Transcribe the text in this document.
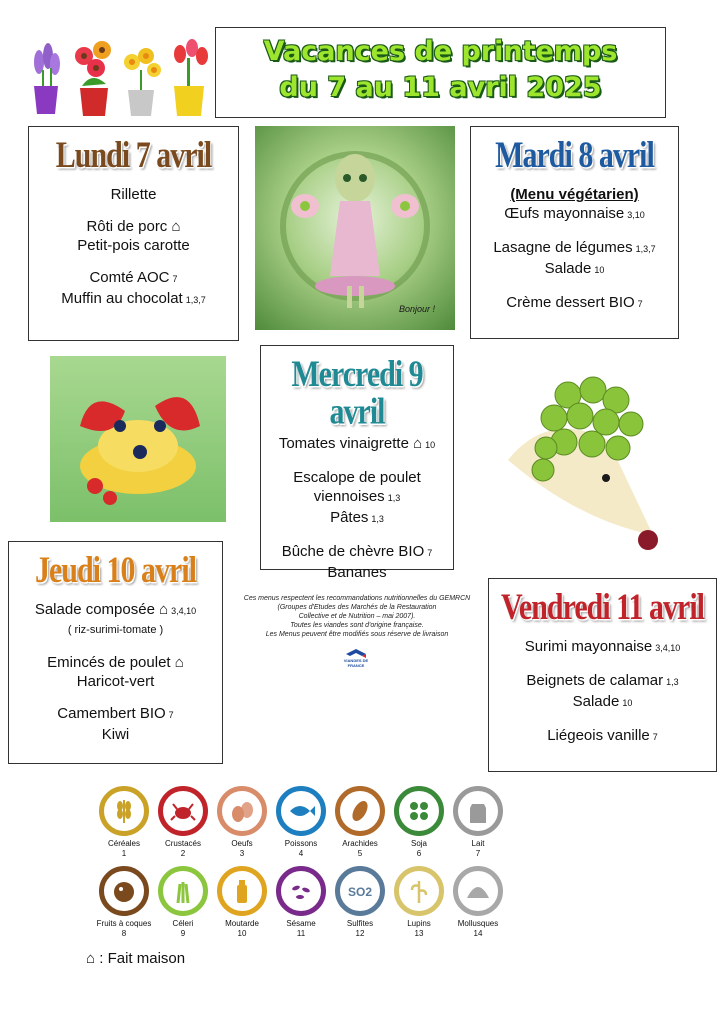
Vacances de printemps
du 7 au 11 avril 2025
Lundi 7 avril
Rillette
Rôti de porc ⌂
Petit-pois carotte
Comté AOC 7
Muffin au chocolat 1,3,7
Bonjour !
Mardi 8 avril
(Menu végétarien)
Œufs mayonnaise 3,10
Lasagne de légumes 1,3,7
Salade 10
Crème dessert BIO 7
Mercredi 9 avril
Tomates vinaigrette ⌂ 10
Escalope de poulet
viennoises 1,3
Pâtes 1,3
Bûche de chèvre BIO 7
Bananes
Jeudi 10 avril
Salade composée ⌂ 3,4,10
( riz-surimi-tomate )
Emincés de poulet ⌂
Haricot-vert
Camembert BIO 7
Kiwi
Ces menus respectent les recommandations nutritionnelles du GEMRCN
(Groupes d'Etudes des Marchés de la Restauration
Collective et de Nutrition – mai 2007).
Toutes les viandes sont d'origine française.
Les Menus peuvent être modifiés sous réserve de livraison
VIANDES DE FRANCE
Vendredi 11 avril
Surimi mayonnaise 3,4,10
Beignets de calamar 1,3
Salade 10
Liégeois vanille 7
Céréales
1
Crustacés
2
Oeufs
3
Poissons
4
Arachides
5
Soja
6
Lait
7
Fruits à coques
8
Céleri
9
Moutarde
10
Sésame
11
SO2
Sulfites
12
Lupins
13
Mollusques
14
⌂ : Fait maison
